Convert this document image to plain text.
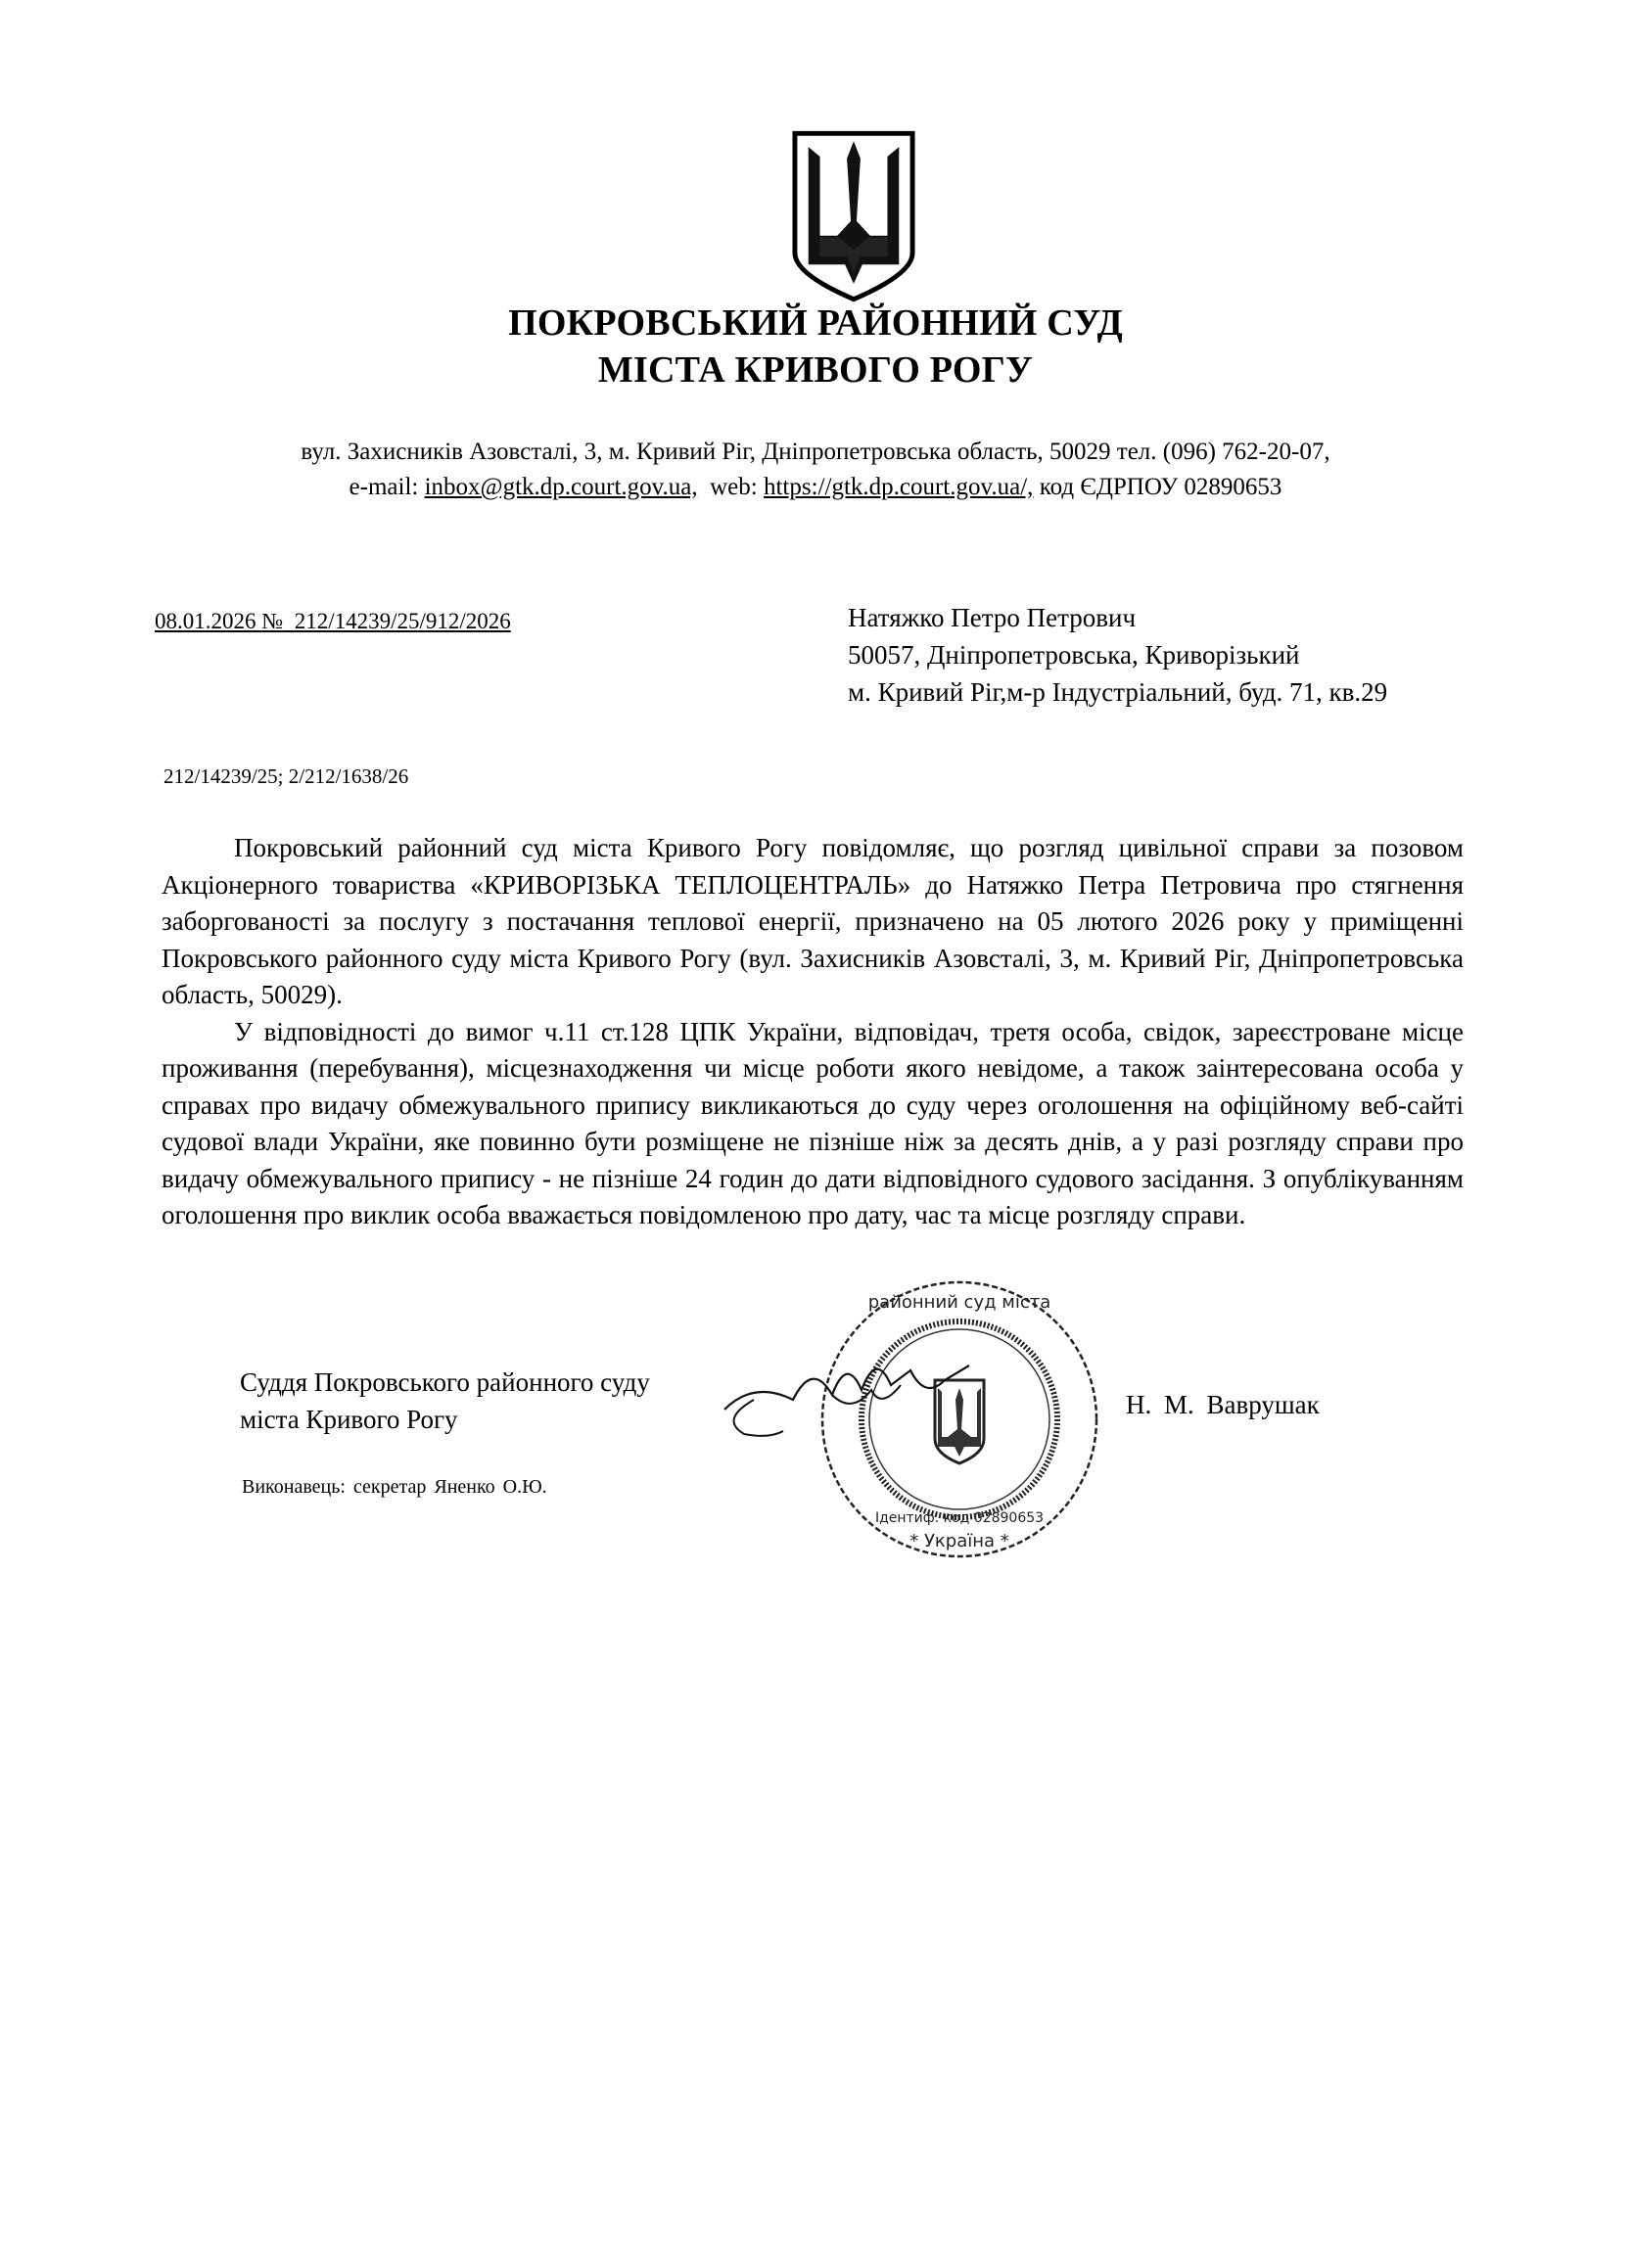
ПОКРОВСЬКИЙ РАЙОННИЙ СУД
МІСТА КРИВОГО РОГУ
вул. Захисників Азовсталі, 3, м. Кривий Ріг, Дніпропетровська область, 50029 тел. (096) 762-20-07,
e-mail: inbox@gtk.dp.court.gov.ua, web: https://gtk.dp.court.gov.ua/, код ЄДРПОУ 02890653
08.01.2026 № 212/14239/25/912/2026	Натяжко Петро Петрович
50057, Дніпропетровська, Криворізький
м. Кривий Ріг,м-р Індустріальний, буд. 71, кв.29
212/14239/25; 2/212/1638/26

Покровський районний суд міста Кривого Рогу повідомляє, що розгляд цивільної справи за позовом Акціонерного товариства «КРИВОРІЗЬКА ТЕПЛОЦЕНТРАЛЬ» до Натяжко Петра Петровича про стягнення заборгованості за послугу з постачання теплової енергії, призначено на 05 лютого 2026 року у приміщенні Покровського районного суду міста Кривого Рогу (вул. Захисників Азовсталі, 3, м. Кривий Ріг, Дніпропетровська область, 50029).

У відповідності до вимог ч.11 ст.128 ЦПК України, відповідач, третя особа, свідок, зареєстроване місце проживання (перебування), місцезнаходження чи місце роботи якого невідоме, а також заінтересована особа у справах про видачу обмежувального припису викликаються до суду через оголошення на офіційному веб-сайті судової влади України, яке повинно бути розміщене не пізніше ніж за десять днів, а у разі розгляду справи про видачу обмежувального припису - не пізніше 24 годин до дати відповідного судового засідання. З опублікуванням оголошення про виклик особа вважається повідомленою про дату, час та місце розгляду справи.

районний суд міста
* Україна *
Ідентиф. код 02890653
Суддя Покровського районного суду
міста Кривого Рогу	Н. М. Ваврушак
Виконавець: секретар Яненко О.Ю.
